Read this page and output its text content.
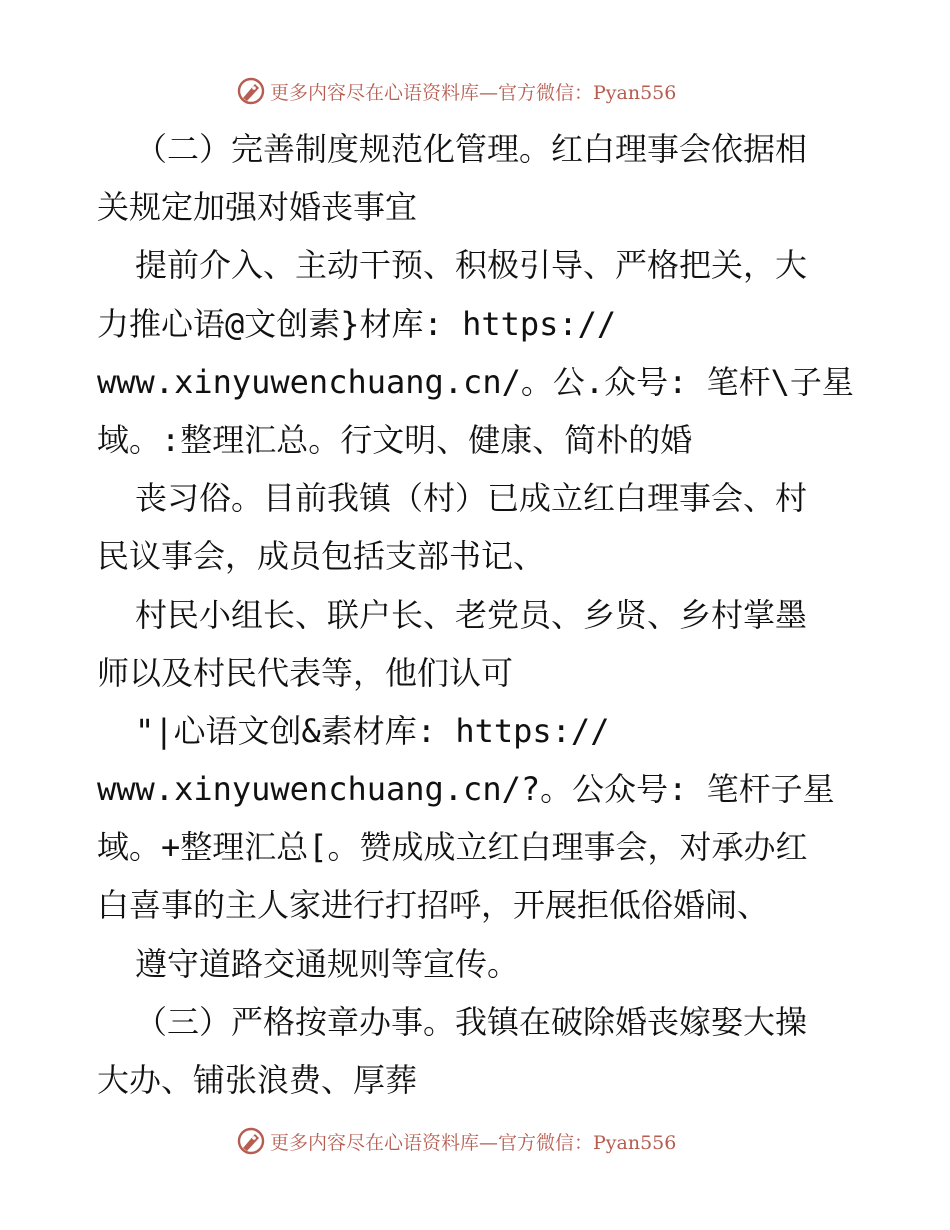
更多内容尽在心语资料库—官方微信：Pyan556
（二）完善制度规范化管理。红白理事会依据相
关规定加强对婚丧事宜
提前介入、主动干预、积极引导、严格把关，大
力推心语@文创素}材库: https://
www.xinyuwenchuang.cn/。公.众号: 笔杆\子星
域。:整理汇总。行文明、健康、简朴的婚
丧习俗。目前我镇（村）已成立红白理事会、村
民议事会，成员包括支部书记、
村民小组长、联户长、老党员、乡贤、乡村掌墨
师以及村民代表等，他们认可
"|心语文创&素材库: https://
www.xinyuwenchuang.cn/?。公众号: 笔杆子星
域。+整理汇总[。赞成成立红白理事会，对承办红
白喜事的主人家进行打招呼，开展拒低俗婚闹、
遵守道路交通规则等宣传。
（三）严格按章办事。我镇在破除婚丧嫁娶大操
大办、铺张浪费、厚葬
更多内容尽在心语资料库—官方微信：Pyan556
